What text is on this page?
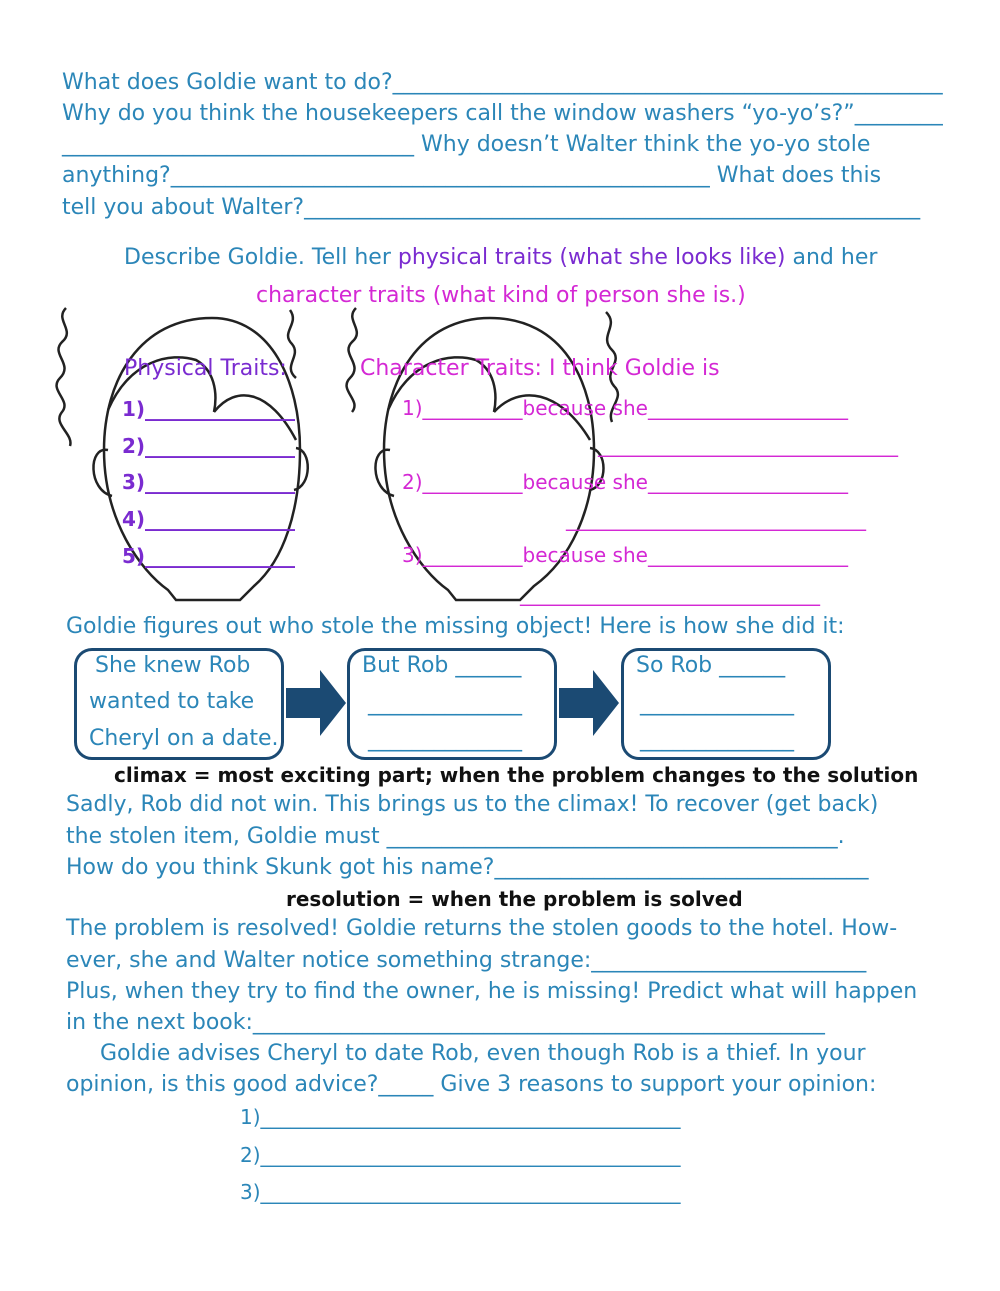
What does Goldie want to do?__________________________________________________
Why do you think the housekeepers call the window washers “yo-yo’s?”________
________________________________ Why doesn’t Walter think the yo-yo stole
anything?_________________________________________________ What does this
tell you about Walter?________________________________________________________
Describe Goldie. Tell her physical traits (what she looks like) and her
character traits (what kind of person she is.)
Physical Traits:
1)_______________
2)_______________
3)_______________
4)_______________
5)_______________
Character Traits: I think Goldie is
1)__________because she____________________
______________________________
2)__________because she____________________
______________________________
3)__________because she____________________
______________________________
Goldie figures out who stole the missing object! Here is how she did it:
She knew Rob
wanted to take
Cheryl on a date.
But Rob ______
______________
______________
So Rob ______
______________
______________
climax = most exciting part; when the problem changes to the solution
Sadly, Rob did not win. This brings us to the climax! To recover (get back)
the stolen item, Goldie must _________________________________________.
How do you think Skunk got his name?__________________________________
resolution = when the problem is solved
The problem is resolved! Goldie returns the stolen goods to the hotel. How-
ever, she and Walter notice something strange:_________________________
Plus, when they try to find the owner, he is missing! Predict what will happen
in the next book:____________________________________________________
Goldie advises Cheryl to date Rob, even though Rob is a thief. In your
opinion, is this good advice?_____ Give 3 reasons to support your opinion:
1)__________________________________________
2)__________________________________________
3)__________________________________________
